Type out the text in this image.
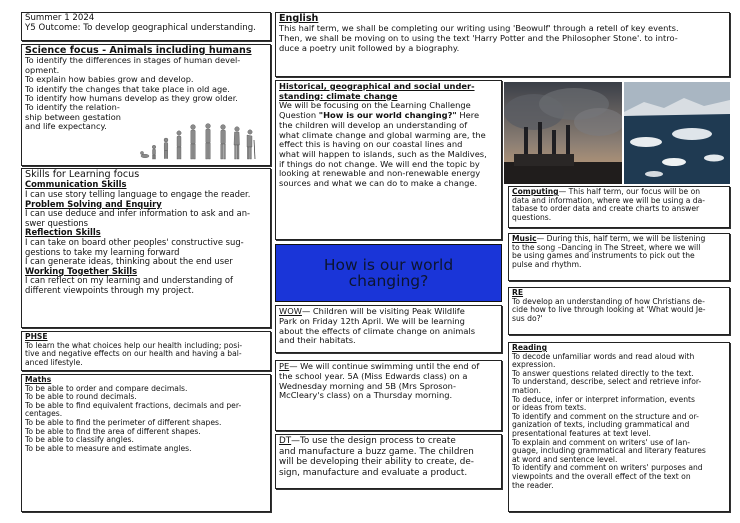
Summer 1 2024
Y5 Outcome: To develop geographical understanding.
Science focus - Animals including humans
To identify the differences in stages of human devel-
opment.
To explain how babies grow and develop.
To identify the changes that take place in old age.
To identify how humans develop as they grow older.
To identify the relation-
ship between gestation
and life expectancy.
Skills for Learning focus
Communication Skills
I can use story telling language to engage the reader.
Problem Solving and Enquiry
I can use deduce and infer information to ask and an-
swer questions
Reflection Skills
I can take on board other peoples' constructive sug-
gestions to take my learning forward
I can generate ideas, thinking about the end user
Working Together Skills
I can reflect on my learning and understanding of
different viewpoints through my project.
PHSE
To learn the what choices help our health including; posi-
tive and negative effects on our health and having a bal-
anced lifestyle.
Maths
To be able to order and compare decimals.
To be able to round decimals.
To be able to find equivalent fractions, decimals and per-
centages.
To be able to find the perimeter of different shapes.
To be able to find the area of different shapes.
To be able to classify angles.
To be able to measure and estimate angles.
English
This half term, we shall be completing our writing using 'Beowulf' through a retell of key events.
Then, we shall be moving on to using the text 'Harry Potter and the Philosopher Stone'. to intro-
duce a poetry unit followed by a biography.
Historical, geographical and social under-
standing: climate change
We will be focusing on the Learning Challenge
Question "How is our world changing?" Here
the children will develop an understanding of
what climate change and global warming are, the
effect this is having on our coastal lines and
what will happen to islands, such as the Maldives,
if things do not change. We will end the topic by
looking at renewable and non-renewable energy
sources and what we can do to make a change.
How is our world
changing?
WOW— Children will be visiting Peak Wildlife
Park on Friday 12th April. We will be learning
about the effects of climate change on animals
and their habitats.
PE— We will continue swimming until the end of
the school year. 5A (Miss Edwards class) on a
Wednesday morning and 5B (Mrs Sproson-
McCleary's class) on a Thursday morning.
DT—To use the design process to create
and manufacture a buzz game. The children
will be developing their ability to create, de-
sign, manufacture and evaluate a product.
Computing— This half term, our focus will be on
data and information, where we will be using a da-
tabase to order data and create charts to answer
questions.
Music— During this, half term, we will be listening
to the song –Dancing in The Street, where we will
be using games and instruments to pick out the
pulse and rhythm.
RE
To develop an understanding of how Christians de-
cide how to live through looking at 'What would Je-
sus do?'
Reading
To decode unfamiliar words and read aloud with
expression.
To answer questions related directly to the text.
To understand, describe, select and retrieve infor-
mation.
To deduce, infer or interpret information, events
or ideas from texts.
To identify and comment on the structure and or-
ganization of texts, including grammatical and
presentational features at text level.
To explain and comment on writers' use of lan-
guage, including grammatical and literary features
at word and sentence level.
To identify and comment on writers' purposes and
viewpoints and the overall effect of the text on
the reader.
